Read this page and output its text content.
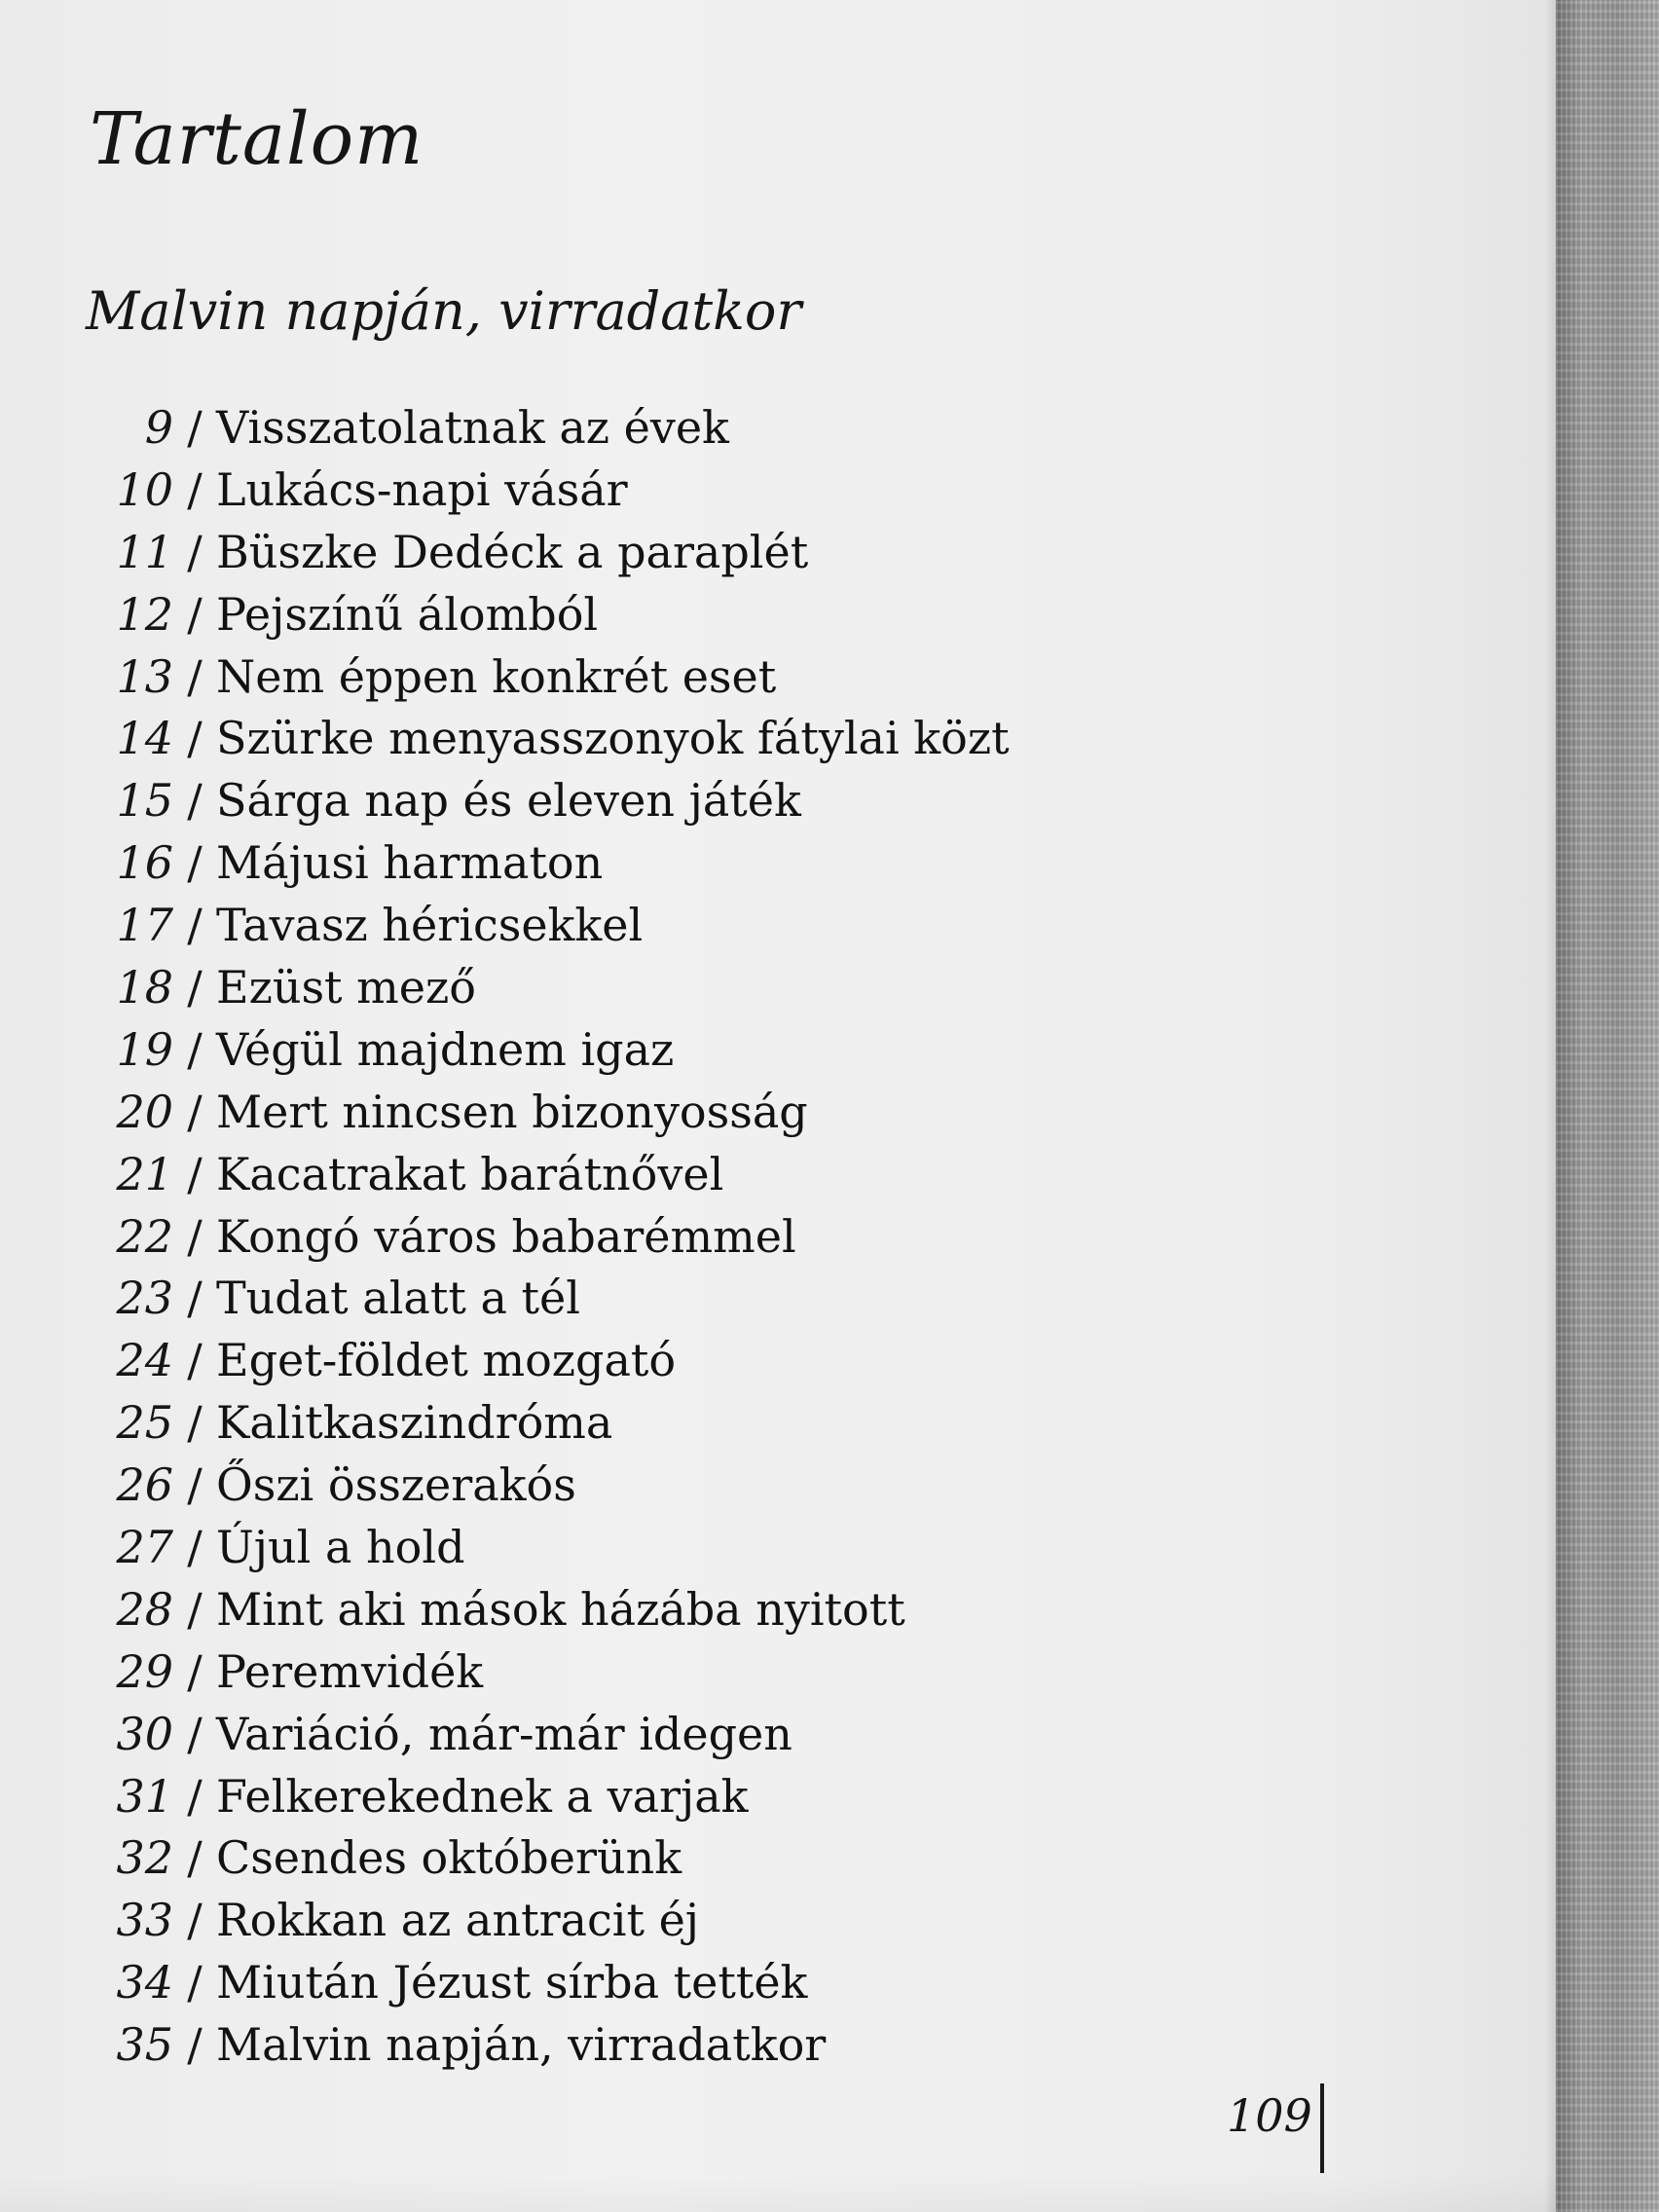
Tartalom
Malvin napján, virradatkor
9 / Visszatolatnak az évek
10 / Lukács-napi vásár
11 / Büszke Dedéck a paraplét
12 / Pejszínű álomból
13 / Nem éppen konkrét eset
14 / Szürke menyasszonyok fátylai közt
15 / Sárga nap és eleven játék
16 / Májusi harmaton
17 / Tavasz héricsekkel
18 / Ezüst mező
19 / Végül majdnem igaz
20 / Mert nincsen bizonyosság
21 / Kacatrakat barátnővel
22 / Kongó város babarémmel
23 / Tudat alatt a tél
24 / Eget-földet mozgató
25 / Kalitkaszindróma
26 / Őszi összerakós
27 / Újul a hold
28 / Mint aki mások házába nyitott
29 / Peremvidék
30 / Variáció, már-már idegen
31 / Felkerekednek a varjak
32 / Csendes októberünk
33 / Rokkan az antracit éj
34 / Miután Jézust sírba tették
35 / Malvin napján, virradatkor
109
